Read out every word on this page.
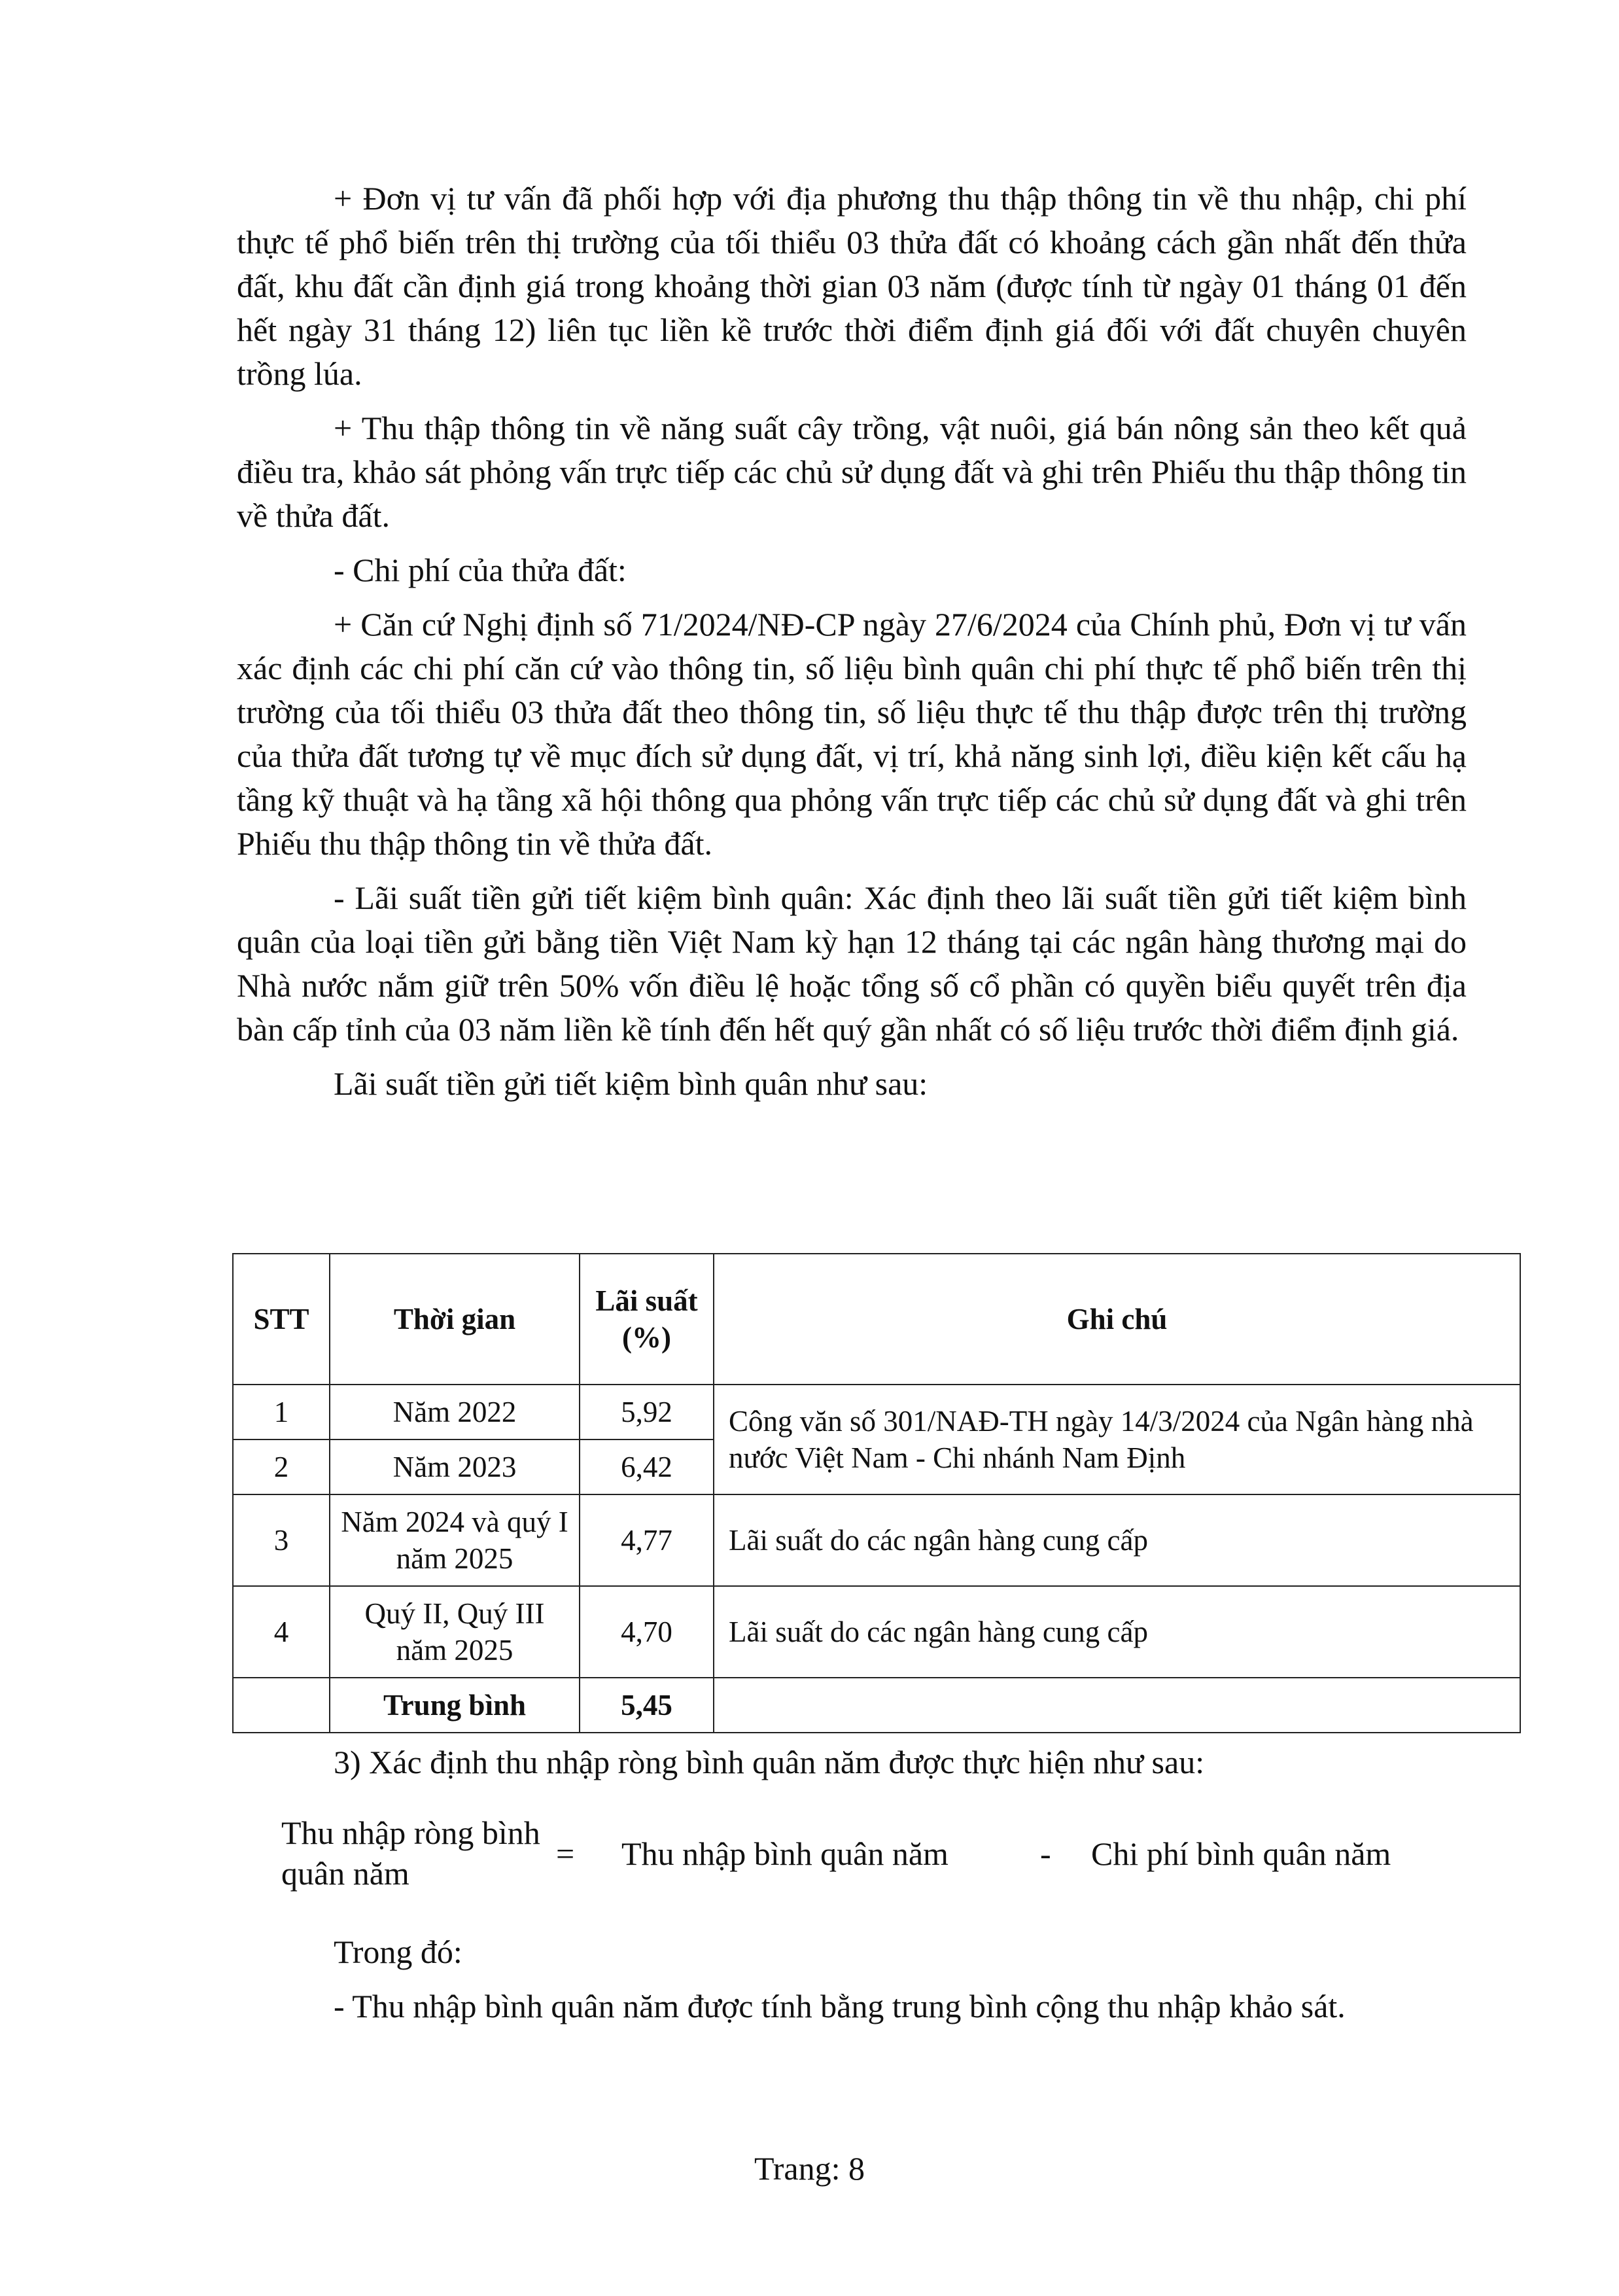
+ Đơn vị tư vấn đã phối hợp với địa phương thu thập thông tin về thu nhập, chi phí thực tế phổ biến trên thị trường của tối thiểu 03 thửa đất có khoảng cách gần nhất đến thửa đất, khu đất cần định giá trong khoảng thời gian 03 năm (được tính từ ngày 01 tháng 01 đến hết ngày 31 tháng 12) liên tục liền kề trước thời điểm định giá đối với đất chuyên chuyên trồng lúa.

+ Thu thập thông tin về năng suất cây trồng, vật nuôi, giá bán nông sản theo kết quả điều tra, khảo sát phỏng vấn trực tiếp các chủ sử dụng đất và ghi trên Phiếu thu thập thông tin về thửa đất.

- Chi phí của thửa đất:

+ Căn cứ Nghị định số 71/2024/NĐ-CP ngày 27/6/2024 của Chính phủ, Đơn vị tư vấn xác định các chi phí căn cứ vào thông tin, số liệu bình quân chi phí thực tế phổ biến trên thị trường của tối thiểu 03 thửa đất theo thông tin, số liệu thực tế thu thập được trên thị trường của thửa đất tương tự về mục đích sử dụng đất, vị trí, khả năng sinh lợi, điều kiện kết cấu hạ tầng kỹ thuật và hạ tầng xã hội thông qua phỏng vấn trực tiếp các chủ sử dụng đất và ghi trên Phiếu thu thập thông tin về thửa đất.

- Lãi suất tiền gửi tiết kiệm bình quân: Xác định theo lãi suất tiền gửi tiết kiệm bình quân của loại tiền gửi bằng tiền Việt Nam kỳ hạn 12 tháng tại các ngân hàng thương mại do Nhà nước nắm giữ trên 50% vốn điều lệ hoặc tổng số cổ phần có quyền biểu quyết trên địa bàn cấp tỉnh của 03 năm liền kề tính đến hết quý gần nhất có số liệu trước thời điểm định giá.

Lãi suất tiền gửi tiết kiệm bình quân như sau:

STT	Thời gian	Lãi suất (%)	Ghi chú
1	Năm 2022	5,92	Công văn số 301/NAĐ-TH ngày 14/3/2024 của Ngân hàng nhà nước Việt Nam - Chi nhánh Nam Định
2	Năm 2023	6,42	
3	Năm 2024 và quý I năm 2025	4,77	Lãi suất do các ngân hàng cung cấp
4	Quý II, Quý III năm 2025	4,70	Lãi suất do các ngân hàng cung cấp
	Trung bình	5,45	

3) Xác định thu nhập ròng bình quân năm được thực hiện như sau:

Thu nhập ròng bình quân năm
= Thu nhập bình quân năm	- Chi phí bình quân năm

Trong đó:

- Thu nhập bình quân năm được tính bằng trung bình cộng thu nhập khảo sát.

Trang: 8
